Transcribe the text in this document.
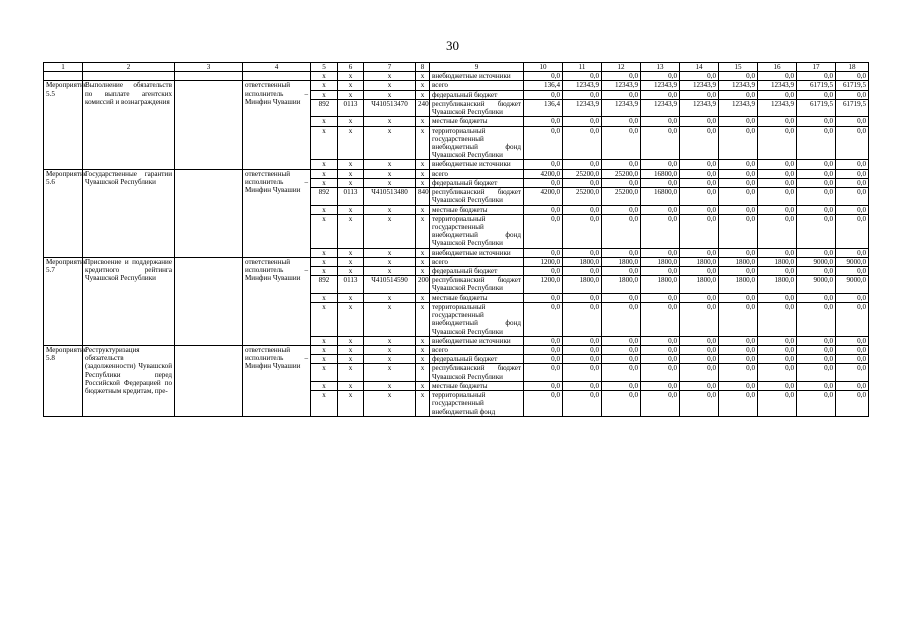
30
1	2	3	4	5	6	7	8	9	10	11	12	13	14	15	16	17	18
				x	x	x	x	внебюджетные источники	0,0	0,0	0,0	0,0	0,0	0,0	0,0	0,0	0,0
Мероприятие 5.5	Выполнение обязательств по выплате агентских комиссий и вознаграждения		ответственный исполнитель – Минфин Чувашии	x	x	x	x	всего	136,4	12343,9	12343,9	12343,9	12343,9	12343,9	12343,9	61719,5	61719,5
				x	x	x	x	федеральный бюджет	0,0	0,0	0,0	0,0	0,0	0,0	0,0	0,0	0,0
				892	0113	Ч410513470	240	республиканский бюджет Чувашской Республики	136,4	12343,9	12343,9	12343,9	12343,9	12343,9	12343,9	61719,5	61719,5
				x	x	x	x	местные бюджеты	0,0	0,0	0,0	0,0	0,0	0,0	0,0	0,0	0,0
				x	x	x	x	территориальный государственный внебюджетный фонд Чувашской Республики	0,0	0,0	0,0	0,0	0,0	0,0	0,0	0,0	0,0
				x	x	x	x	внебюджетные источники	0,0	0,0	0,0	0,0	0,0	0,0	0,0	0,0	0,0
Мероприятие 5.6	Государственные гарантии Чувашской Республики		ответственный исполнитель – Минфин Чувашии	x	x	x	x	всего	4200,0	25200,0	25200,0	16800,0	0,0	0,0	0,0	0,0	0,0
				x	x	x	x	федеральный бюджет	0,0	0,0	0,0	0,0	0,0	0,0	0,0	0,0	0,0
				892	0113	Ч410513480	840	республиканский бюджет Чувашской Республики	4200,0	25200,0	25200,0	16800,0	0,0	0,0	0,0	0,0	0,0
				x	x	x	x	местные бюджеты	0,0	0,0	0,0	0,0	0,0	0,0	0,0	0,0	0,0
				x	x	x	x	территориальный государственный внебюджетный фонд Чувашской Республики	0,0	0,0	0,0	0,0	0,0	0,0	0,0	0,0	0,0
				x	x	x	x	внебюджетные источники	0,0	0,0	0,0	0,0	0,0	0,0	0,0	0,0	0,0
Мероприятие 5.7	Присвоение и поддержание кредитного рейтинга Чувашской Республики		ответственный исполнитель – Минфин Чувашии	x	x	x	x	всего	1200,0	1800,0	1800,0	1800,0	1800,0	1800,0	1800,0	9000,0	9000,0
				x	x	x	x	федеральный бюджет	0,0	0,0	0,0	0,0	0,0	0,0	0,0	0,0	0,0
				892	0113	Ч410514590	200	республиканский бюджет Чувашской Республики	1200,0	1800,0	1800,0	1800,0	1800,0	1800,0	1800,0	9000,0	9000,0
				x	x	x	x	местные бюджеты	0,0	0,0	0,0	0,0	0,0	0,0	0,0	0,0	0,0
				x	x	x	x	территориальный государственный внебюджетный фонд Чувашской Республики	0,0	0,0	0,0	0,0	0,0	0,0	0,0	0,0	0,0
				x	x	x	x	внебюджетные источники	0,0	0,0	0,0	0,0	0,0	0,0	0,0	0,0	0,0
Мероприятие 5.8	Реструктуризация обязательств (задолженности) Чувашской Республики перед Российской Федерацией по бюджетным кредитам, пре-		ответственный исполнитель – Минфин Чувашии	x	x	x	x	всего	0,0	0,0	0,0	0,0	0,0	0,0	0,0	0,0	0,0
				x	x	x	x	федеральный бюджет	0,0	0,0	0,0	0,0	0,0	0,0	0,0	0,0	0,0
				x	x	x	x	республиканский бюджет Чувашской Республики	0,0	0,0	0,0	0,0	0,0	0,0	0,0	0,0	0,0
				x	x	x	x	местные бюджеты	0,0	0,0	0,0	0,0	0,0	0,0	0,0	0,0	0,0
				x	x	x	x	территориальный государственный внебюджетный фонд	0,0	0,0	0,0	0,0	0,0	0,0	0,0	0,0	0,0
